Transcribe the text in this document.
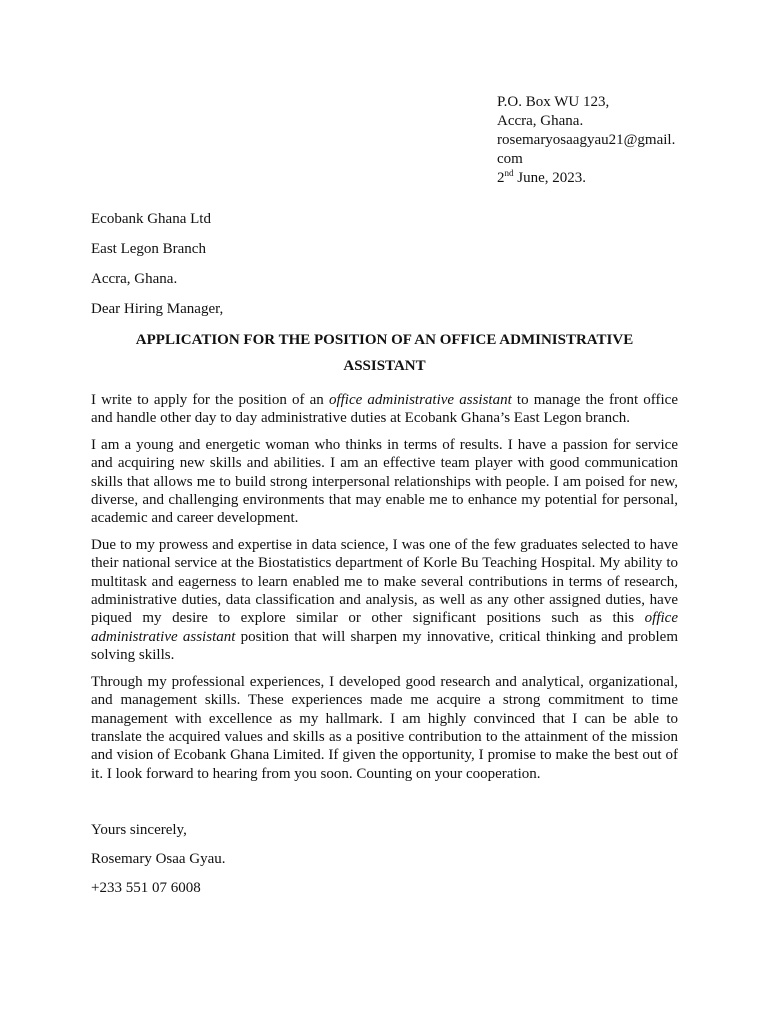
P.O. Box WU 123,
Accra, Ghana.
rosemaryosaagyau21@gmail.
com
2nd June, 2023.
Ecobank Ghana Ltd
East Legon Branch
Accra, Ghana.
Dear Hiring Manager,
APPLICATION FOR THE POSITION OF AN OFFICE ADMINISTRATIVE
ASSISTANT

I write to apply for the position of an office administrative assistant to manage the front office and handle other day to day administrative duties at Ecobank Ghana’s East Legon branch.

I am a young and energetic woman who thinks in terms of results. I have a passion for service and acquiring new skills and abilities. I am an effective team player with good communication skills that allows me to build strong interpersonal relationships with people. I am poised for new, diverse, and challenging environments that may enable me to enhance my potential for personal, academic and career development.

Due to my prowess and expertise in data science, I was one of the few graduates selected to have their national service at the Biostatistics department of Korle Bu Teaching Hospital. My ability to multitask and eagerness to learn enabled me to make several contributions in terms of research, administrative duties, data classification and analysis, as well as any other assigned duties, have piqued my desire to explore similar or other significant positions such as this office administrative assistant position that will sharpen my innovative, critical thinking and problem solving skills.

Through my professional experiences, I developed good research and analytical, organizational, and management skills. These experiences made me acquire a strong commitment to time management with excellence as my hallmark. I am highly convinced that I can be able to translate the acquired values and skills as a positive contribution to the attainment of the mission and vision of Ecobank Ghana Limited. If given the opportunity, I promise to make the best out of it. I look forward to hearing from you soon. Counting on your cooperation.

Yours sincerely,
Rosemary Osaa Gyau.
+233 551 07 6008
